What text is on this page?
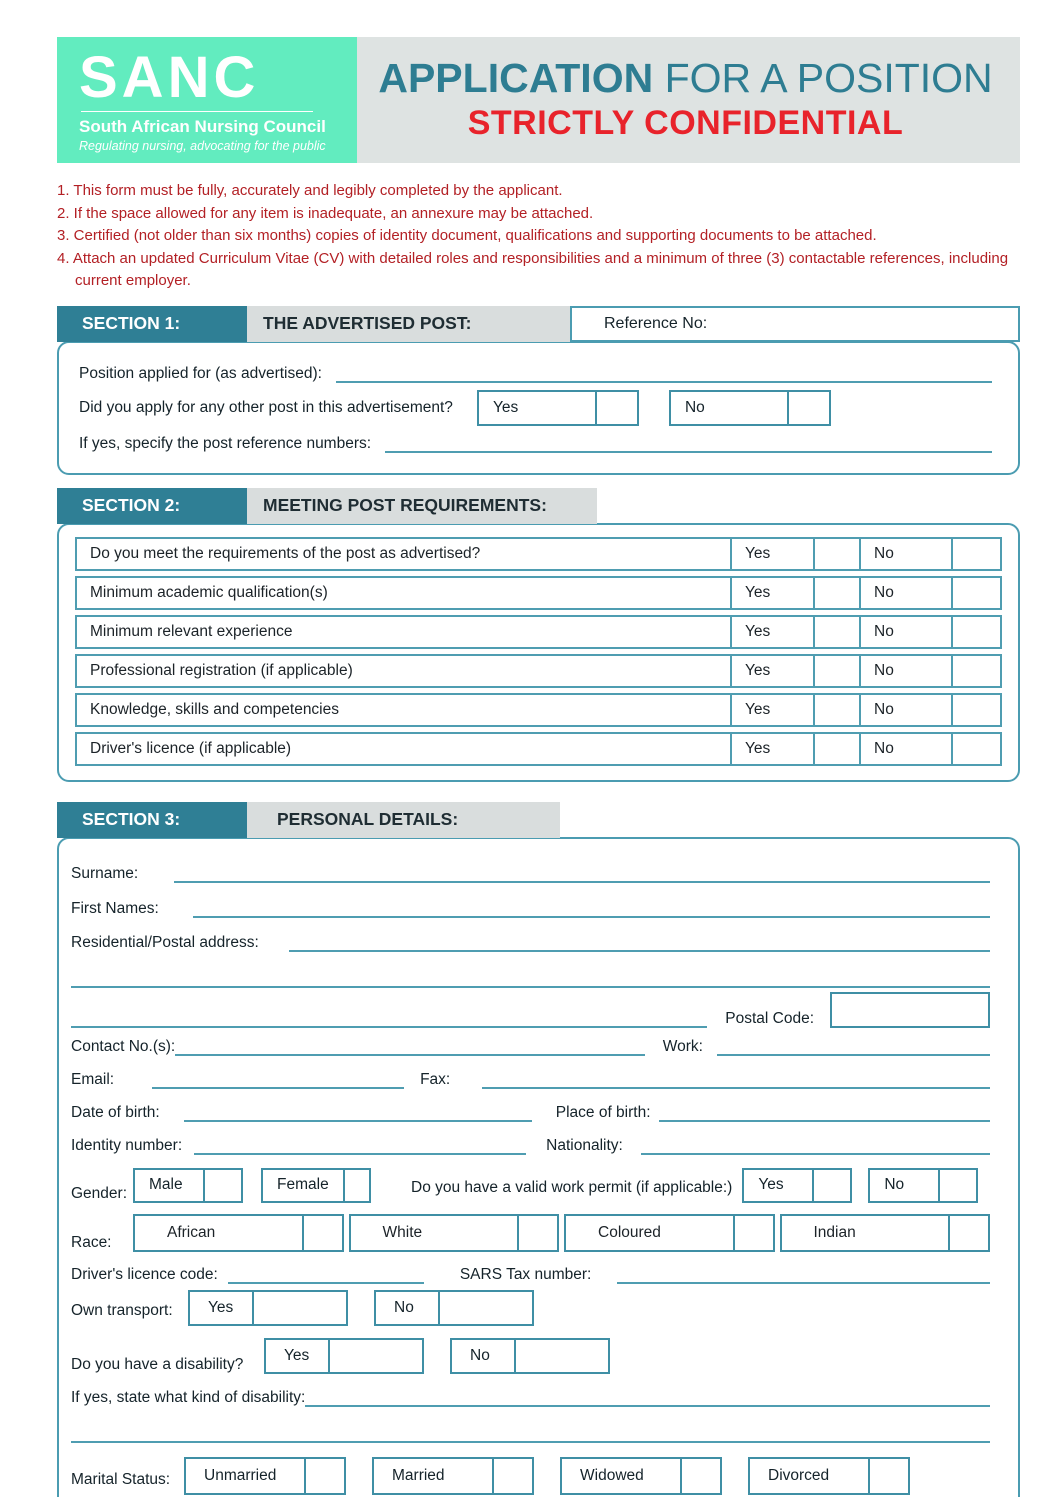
SANC
South African Nursing Council
Regulating nursing, advocating for the public
APPLICATION FOR A POSITION
STRICTLY CONFIDENTIAL
1. This form must be fully, accurately and legibly completed by the applicant.
2. If the space allowed for any item is inadequate, an annexure may be attached.
3. Certified (not older than six months) copies of identity document, qualifications and supporting documents to be attached.
4. Attach an updated Curriculum Vitae (CV) with detailed roles and responsibilities and a minimum of three (3) contactable references, including current employer.
SECTION 1:	THE ADVERTISED POST:	Reference No:
Position applied for (as advertised):
Did you apply for any other post in this advertisement?	Yes	No
If yes, specify the post reference numbers:
SECTION 2:	MEETING POST REQUIREMENTS:
Do you meet the requirements of the post as advertised?	Yes	No
Minimum academic qualification(s)	Yes	No
Minimum relevant experience	Yes	No
Professional registration (if applicable)	Yes	No
Knowledge, skills and competencies	Yes	No
Driver's licence (if applicable)	Yes	No
SECTION 3:	PERSONAL DETAILS:
Surname:
First Names:
Residential/Postal address:
Postal Code:
Contact No.(s):	Work:
Email:	Fax:
Date of birth:	Place of birth:
Identity number:	Nationality:
Gender:	Male	Female	Do you have a valid work permit (if applicable:)	Yes	No
Race:
African	White	Coloured	Indian
Driver's licence code:	SARS Tax number:
Own transport:	Yes	No
Do you have a disability?
Yes	No
If yes, state what kind of disability:
Marital Status:	Unmarried	Married	Widowed	Divorced
